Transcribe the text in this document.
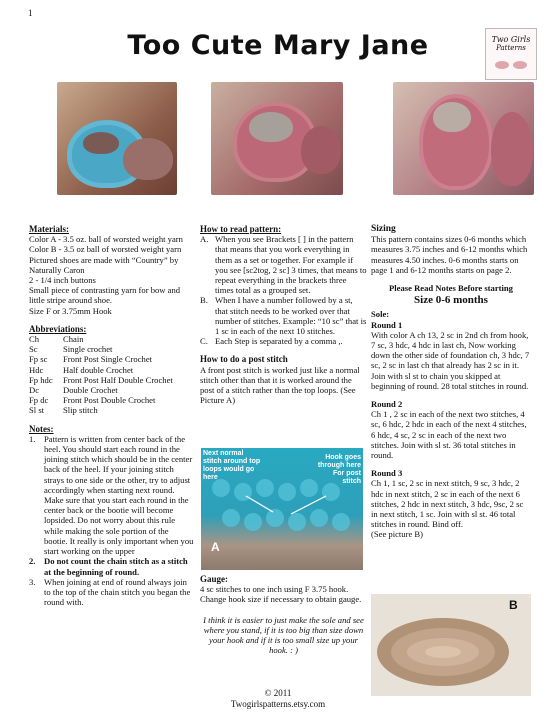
1
Too Cute Mary Jane	Two Girls
Patterns
Materials:
Color A - 3.5 oz. ball of worsted weight yarn
Color B - 3.5 oz ball of worsted weight yarn
Pictured shoes are made with “Country” by Naturally Caron
2 - 1/4 inch buttons
Small piece of contrasting yarn for bow and little stripe around shoe.
Size F or 3.75mm Hook
Abbreviations:
Ch	Chain
Sc	Single crochet
Fp sc	Front Post Single Crochet
Hdc	Half double Crochet
Fp hdc	Front Post Half Double Crochet
Dc	Double Crochet
Fp dc	Front Post Double Crochet
Sl st	Slip stitch
Notes:
1. Pattern is written from center back of the heel. You should start each round in the joining stitch which should be in the center back of the heel. If your joining stitch strays to one side or the other, try to adjust accordingly when starting next round. Make sure that you start each round in the center back or the bootie will become lopsided. Do not worry about this rule while making the sole portion of the bootie. It really is only important when you start working on the upper
2. Do not count the chain stitch as a stitch at the beginning of round.
3. When joining at end of round always join to the top of the chain stitch you began the round with.
How to read pattern:
A. When you see Brackets [ ] in the pattern that means that you work everything in them as a set or together. For example if you see [sc2tog, 2 sc] 3 times, that means to repeat everything in the brackets three times total as a grouped set.
B. When I have a number followed by a st, that stitch needs to be worked over that number of stitches. Example: “10 sc” that is 1 sc in each of the next 10 stitches.
C. Each Step is separated by a comma ,.
How to do a post stitch
A front post stitch is worked just like a normal stitch other than that it is worked around the post of a stitch rather than the top loops. (See Picture A)
Next normal stitch around top loops would go here
Hook goes through here For post stitch
A
Gauge:
4 sc stitches to one inch using F 3.75 hook. Change hook size if necessary to obtain gauge.
I think it is easier to just make the sole and see where you stand, if it is too big than size down your hook and if it is too small size up your hook. : )
Sizing
This pattern contains sizes 0-6 months which measures 3.75 inches and 6-12 months which measures 4.50 inches. 0-6 months starts on page 1 and 6-12 months starts on page 2.
Please Read Notes Before starting
Size 0-6 months
Sole:
Round 1
With color A ch 13, 2 sc in 2nd ch from hook, 7 sc, 3 hdc, 4 hdc in last ch, Now working down the other side of foundation ch, 3 hdc, 7 sc, 2 sc in last ch that already has 2 sc in it. Join with sl st to chain you skipped at beginning of round. 28 total stitches in round.
Round 2
Ch 1 , 2 sc in each of the next two stitches, 4 sc, 6 hdc, 2 hdc in each of the next 4 stitches, 6 hdc, 4 sc, 2 sc in each of the next two stitches. Join with sl st. 36 total stitches in round.
Round 3
Ch 1, 1 sc, 2 sc in next stitch, 9 sc, 3 hdc, 2 hdc in next stitch, 2 sc in each of the next 6 stitches, 2 hdc in next stitch, 3 hdc, 9sc, 2 sc in next stitch, 1 sc. Join with sl st. 46 total stitches in round. Bind off.
(See picture B)
B
© 2011
Twogirlspatterns.etsy.com
